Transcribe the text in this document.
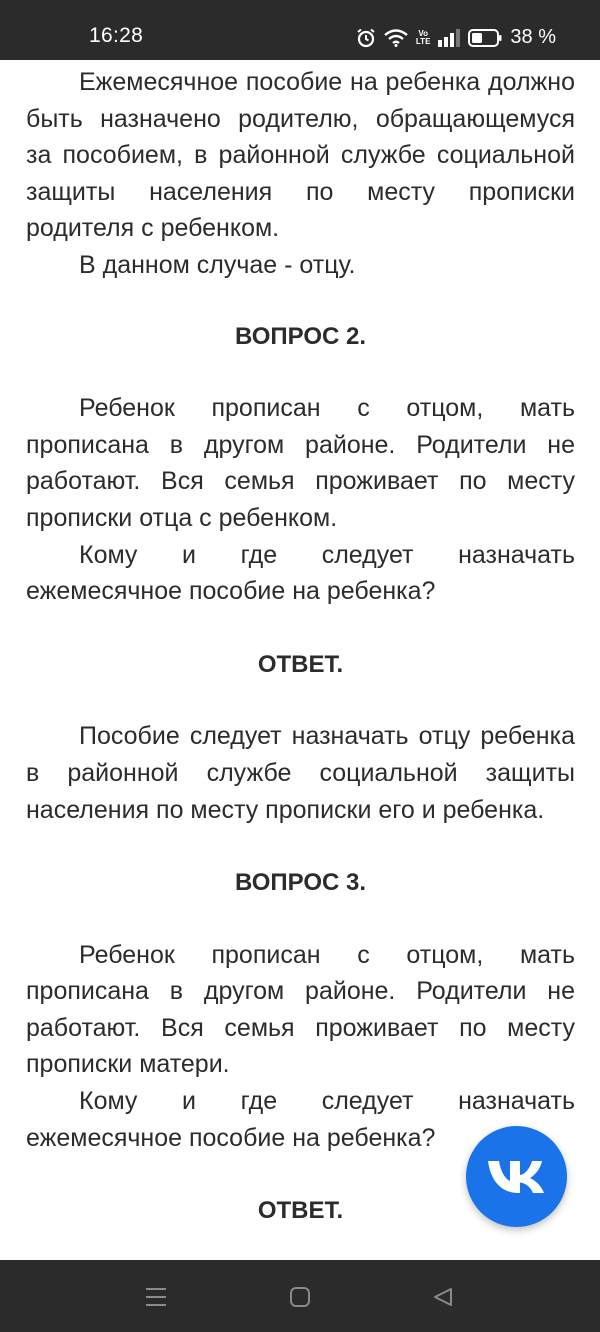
16:28	Vo
LTE	38 %

Ежемесячное пособие на ребенка должно быть назначено родителю, обращающемуся за пособием, в районной службе социальной защиты населения по месту прописки родителя с ребенком.

В данном случае - отцу.

ВОПРОС 2.

Ребенок прописан с отцом, мать прописана в другом районе. Родители не работают. Вся семья проживает по месту прописки отца с ребенком.

Кому и где следует назначать ежемесячное пособие на ребенка?

ОТВЕТ.

Пособие следует назначать отцу ребенка в районной службе социальной защиты населения по месту прописки его и ребенка.

ВОПРОС 3.

Ребенок прописан с отцом, мать прописана в другом районе. Родители не работают. Вся семья проживает по месту прописки матери.

Кому и где следует назначать ежемесячное пособие на ребенка?

ОТВЕТ.
